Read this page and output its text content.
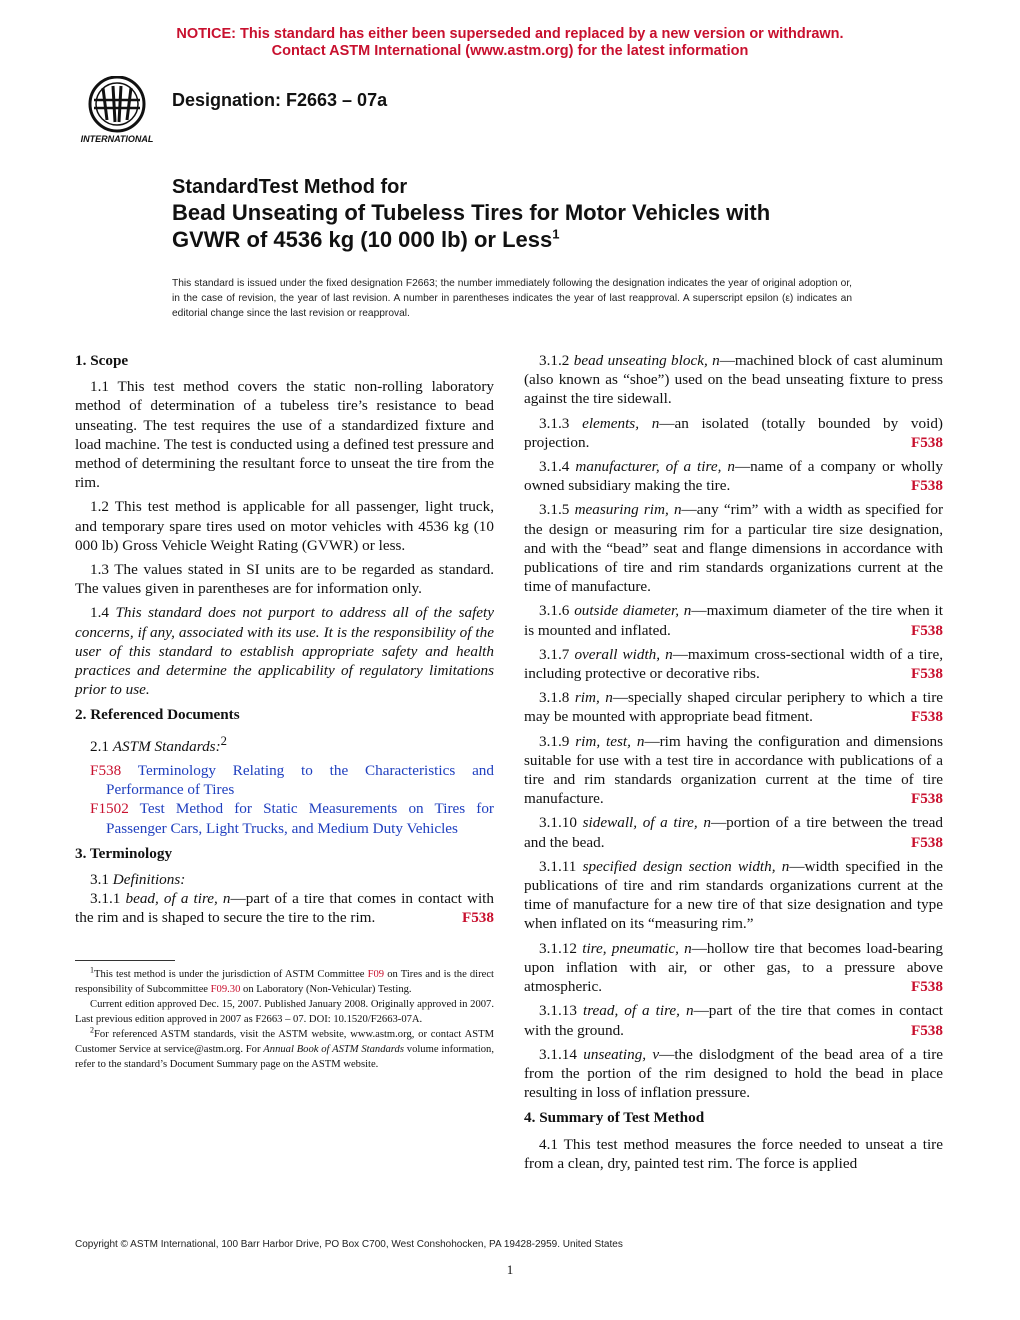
NOTICE: This standard has either been superseded and replaced by a new version or withdrawn.
Contact ASTM International (www.astm.org) for the latest information
INTERNATIONAL
Designation: F2663 – 07a
StandardTest Method for
Bead Unseating of Tubeless Tires for Motor Vehicles with
GVWR of 4536 kg (10 000 lb) or Less$^1$
This standard is issued under the fixed designation F2663; the number immediately following the designation indicates the year of original adoption or, in the case of revision, the year of last revision. A number in parentheses indicates the year of last reapproval. A superscript epsilon (ε) indicates an editorial change since the last revision or reapproval.
1. Scope

1.1 This test method covers the static non-rolling laboratory method of determination of a tubeless tire’s resistance to bead unseating. The test requires the use of a standardized fixture and load machine. The test is conducted using a defined test pressure and method of determining the resultant force to unseat the tire from the rim.

1.2 This test method is applicable for all passenger, light truck, and temporary spare tires used on motor vehicles with 4536 kg (10 000 lb) Gross Vehicle Weight Rating (GVWR) or less.

1.3 The values stated in SI units are to be regarded as standard. The values given in parentheses are for information only.

1.4 This standard does not purport to address all of the safety concerns, if any, associated with its use. It is the responsibility of the user of this standard to establish appropriate safety and health practices and determine the applicability of regulatory limitations prior to use.

2. Referenced Documents

2.1 ASTM Standards:$^2$

F538 Terminology Relating to the Characteristics and Performance of Tires

F1502 Test Method for Static Measurements on Tires for Passenger Cars, Light Trucks, and Medium Duty Vehicles

3. Terminology

3.1 Definitions:

3.1.1 bead, of a tire, n—part of a tire that comes in contact with the rim and is shaped to secure the tire to the rim.	F538

$^1$This test method is under the jurisdiction of ASTM Committee F09 on Tires and is the direct responsibility of Subcommittee F09.30 on Laboratory (Non-Vehicular) Testing.

Current edition approved Dec. 15, 2007. Published January 2008. Originally approved in 2007. Last previous edition approved in 2007 as F2663 – 07. DOI: 10.1520/F2663-07A.

$^2$For referenced ASTM standards, visit the ASTM website, www.astm.org, or contact ASTM Customer Service at service@astm.org. For Annual Book of ASTM Standards volume information, refer to the standard’s Document Summary page on the ASTM website.

3.1.2 bead unseating block, n—machined block of cast aluminum (also known as “shoe”) used on the bead unseating fixture to press against the tire sidewall.

3.1.3 elements, n—an isolated (totally bounded by void) projection.	F538

3.1.4 manufacturer, of a tire, n—name of a company or wholly owned subsidiary making the tire.	F538

3.1.5 measuring rim, n—any “rim” with a width as specified for the design or measuring rim for a particular tire size designation, and with the “bead” seat and flange dimensions in accordance with publications of tire and rim standards organizations current at the time of manufacture.

3.1.6 outside diameter, n—maximum diameter of the tire when it is mounted and inflated.	F538

3.1.7 overall width, n—maximum cross-sectional width of a tire, including protective or decorative ribs.	F538

3.1.8 rim, n—specially shaped circular periphery to which a tire may be mounted with appropriate bead fitment.	F538

3.1.9 rim, test, n—rim having the configuration and dimensions suitable for use with a test tire in accordance with publications of a tire and rim standards organization current at the time of tire manufacture.	F538

3.1.10 sidewall, of a tire, n—portion of a tire between the tread and the bead.	F538

3.1.11 specified design section width, n—width specified in the publications of tire and rim standards organizations current at the time of manufacture for a new tire of that size designation and type when inflated on its “measuring rim.”

3.1.12 tire, pneumatic, n—hollow tire that becomes load-bearing upon inflation with air, or other gas, to a pressure above atmospheric.	F538

3.1.13 tread, of a tire, n—part of the tire that comes in contact with the ground.	F538

3.1.14 unseating, v—the dislodgment of the bead area of a tire from the portion of the rim designed to hold the bead in place resulting in loss of inflation pressure.

4. Summary of Test Method

4.1 This test method measures the force needed to unseat a tire from a clean, dry, painted test rim. The force is applied

Copyright © ASTM International, 100 Barr Harbor Drive, PO Box C700, West Conshohocken, PA 19428-2959. United States
1
